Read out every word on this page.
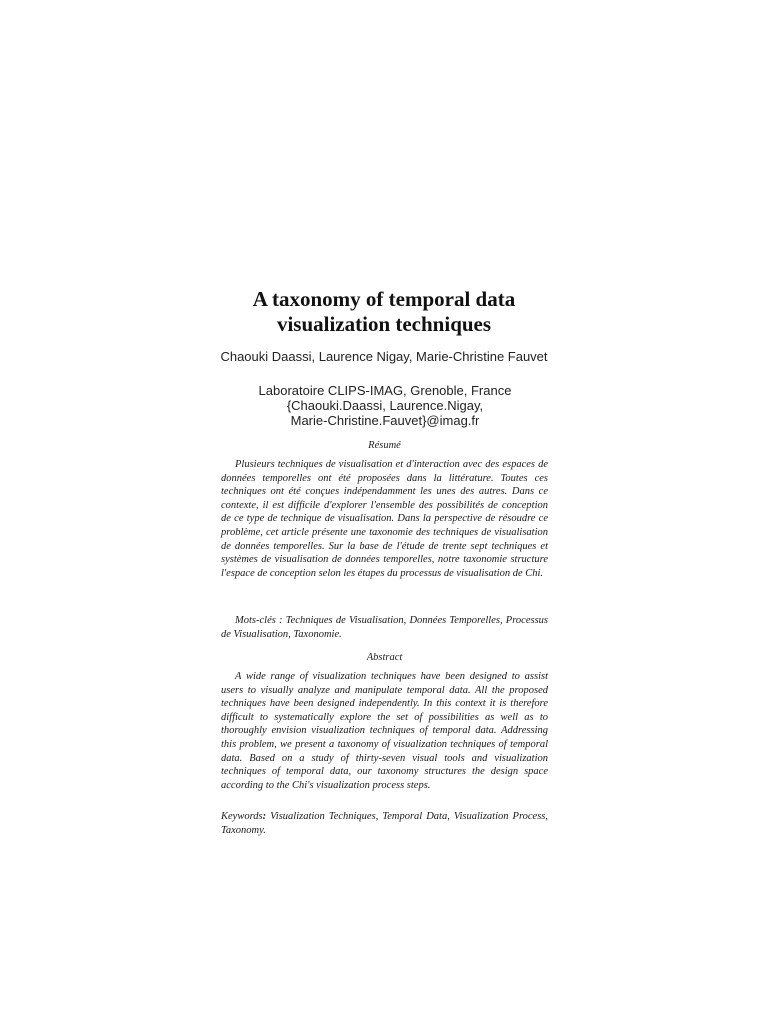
A taxonomy of temporal data
visualization techniques
Chaouki Daassi, Laurence Nigay, Marie-Christine Fauvet
Laboratoire CLIPS-IMAG, Grenoble, France
{Chaouki.Daassi, Laurence.Nigay,
Marie-Christine.Fauvet}@imag.fr
Résumé

Plusieurs techniques de visualisation et d'interaction avec des espaces de données temporelles ont été proposées dans la littérature. Toutes ces techniques ont été conçues indépendamment les unes des autres. Dans ce contexte, il est difficile d'explorer l'ensemble des possibilités de conception de ce type de technique de visualisation. Dans la perspective de résoudre ce problème, cet article présente une taxonomie des techniques de visualisation de données temporelles. Sur la base de l'étude de trente sept techniques et systèmes de visualisation de données temporelles, notre taxonomie structure l'espace de conception selon les étapes du processus de visualisation de Chi.

Mots-clés : Techniques de Visualisation, Données Temporelles, Processus de Visualisation, Taxonomie.

Abstract

A wide range of visualization techniques have been designed to assist users to visually analyze and manipulate temporal data. All the proposed techniques have been designed independently. In this context it is therefore difficult to systematically explore the set of possibilities as well as to thoroughly envision visualization techniques of temporal data. Addressing this problem, we present a taxonomy of visualization techniques of temporal data. Based on a study of thirty-seven visual tools and visualization techniques of temporal data, our taxonomy structures the design space according to the Chi's visualization process steps.

Keywords: Visualization Techniques, Temporal Data, Visualization Process, Taxonomy.
